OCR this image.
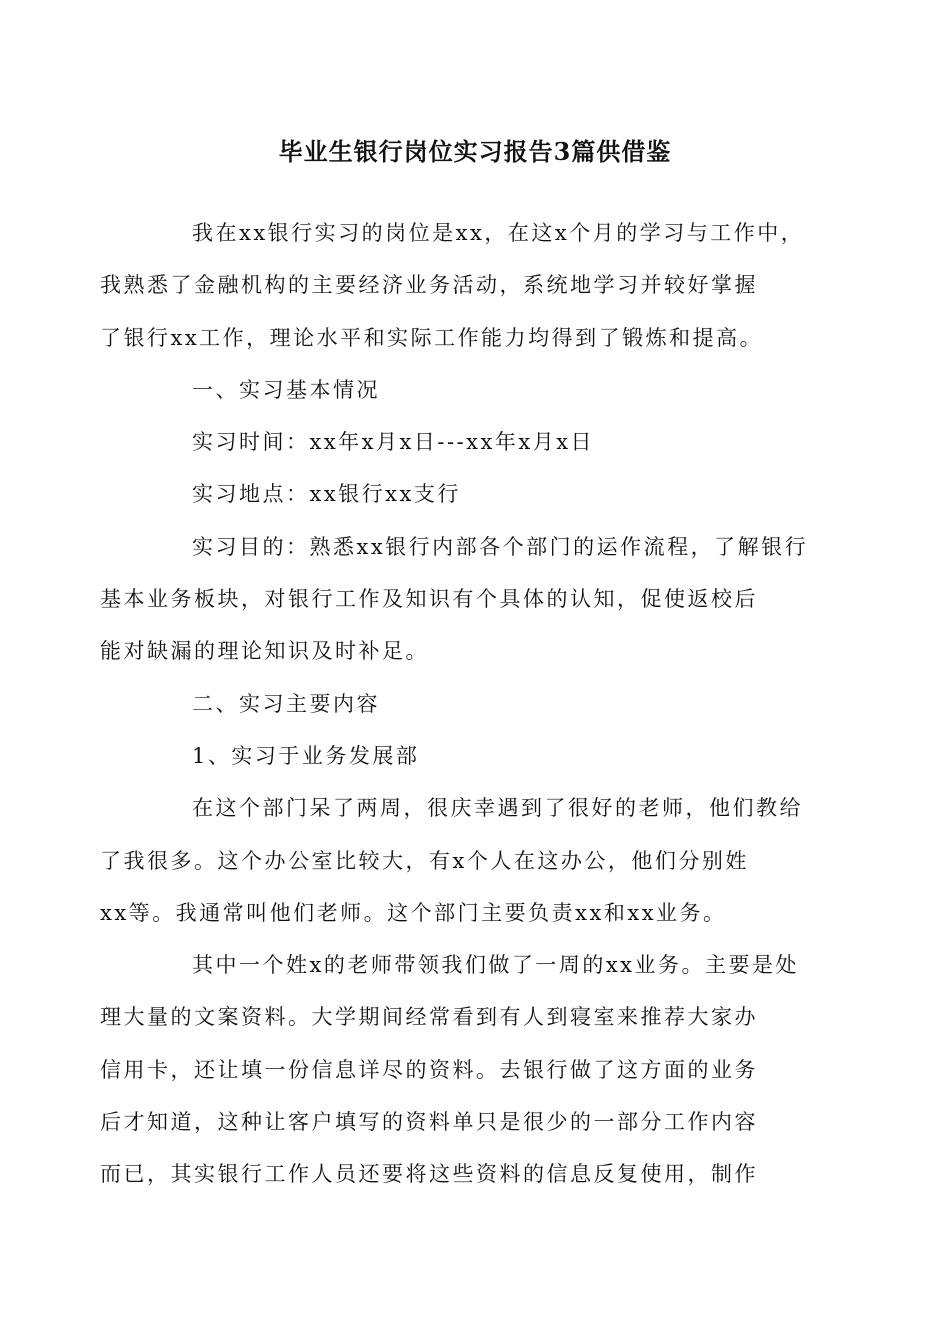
毕业生银行岗位实习报告3篇供借鉴

我在xx银行实习的岗位是xx，在这x个月的学习与工作中，
我熟悉了金融机构的主要经济业务活动，系统地学习并较好掌握
了银行xx工作，理论水平和实际工作能力均得到了锻炼和提高。

一、实习基本情况

实习时间：xx年x月x日---xx年x月x日

实习地点：xx银行xx支行

实习目的：熟悉xx银行内部各个部门的运作流程，了解银行
基本业务板块，对银行工作及知识有个具体的认知，促使返校后
能对缺漏的理论知识及时补足。

二、实习主要内容

1、实习于业务发展部

在这个部门呆了两周，很庆幸遇到了很好的老师，他们教给
了我很多。这个办公室比较大，有x个人在这办公，他们分别姓
xx等。我通常叫他们老师。这个部门主要负责xx和xx业务。

其中一个姓x的老师带领我们做了一周的xx业务。主要是处
理大量的文案资料。大学期间经常看到有人到寝室来推荐大家办
信用卡，还让填一份信息详尽的资料。去银行做了这方面的业务
后才知道，这种让客户填写的资料单只是很少的一部分工作内容
而已，其实银行工作人员还要将这些资料的信息反复使用，制作
